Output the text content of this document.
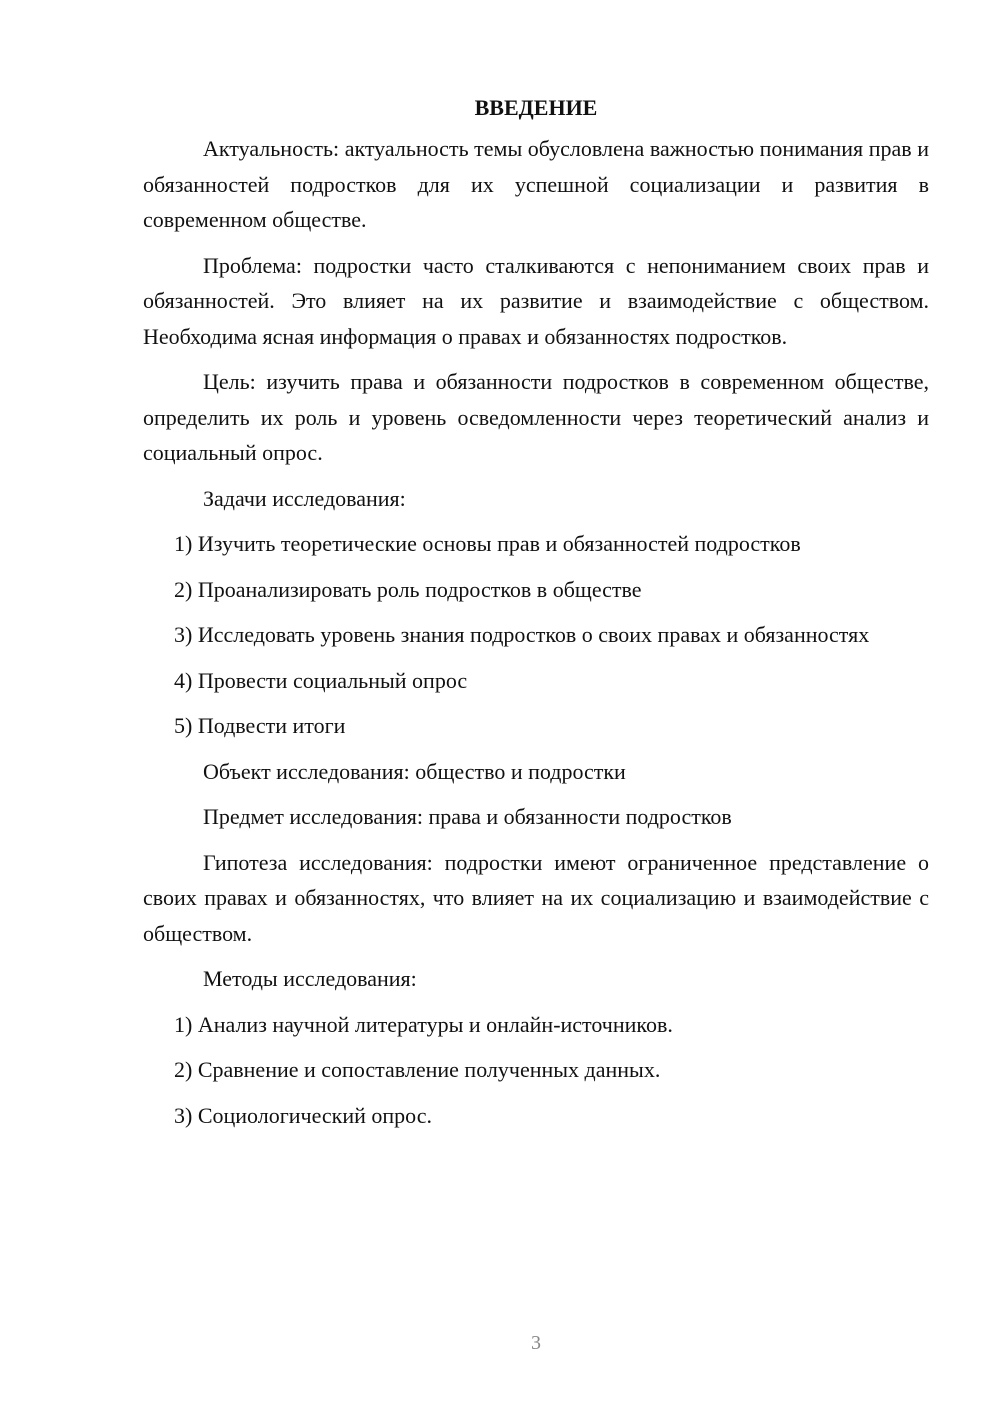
ВВЕДЕНИЕ

Актуальность: актуальность темы обусловлена важностью понимания прав и обязанностей подростков для их успешной социализации и развития в современном обществе.

Проблема: подростки часто сталкиваются с непониманием своих прав и обязанностей. Это влияет на их развитие и взаимодействие с обществом. Необходима ясная информация о правах и обязанностях подростков.

Цель: изучить права и обязанности подростков в современном обществе, определить их роль и уровень осведомленности через теоретический анализ и социальный опрос.

Задачи исследования:

1) Изучить теоретические основы прав и обязанностей подростков

2) Проанализировать роль подростков в обществе

3) Исследовать уровень знания подростков о своих правах и обязанностях

4) Провести социальный опрос

5) Подвести итоги

Объект исследования: общество и подростки

Предмет исследования: права и обязанности подростков

Гипотеза исследования: подростки имеют ограниченное представление о своих правах и обязанностях, что влияет на их социализацию и взаимодействие с обществом.

Методы исследования:

1) Анализ научной литературы и онлайн-источников.

2) Сравнение и сопоставление полученных данных.

3) Социологический опрос.

3
